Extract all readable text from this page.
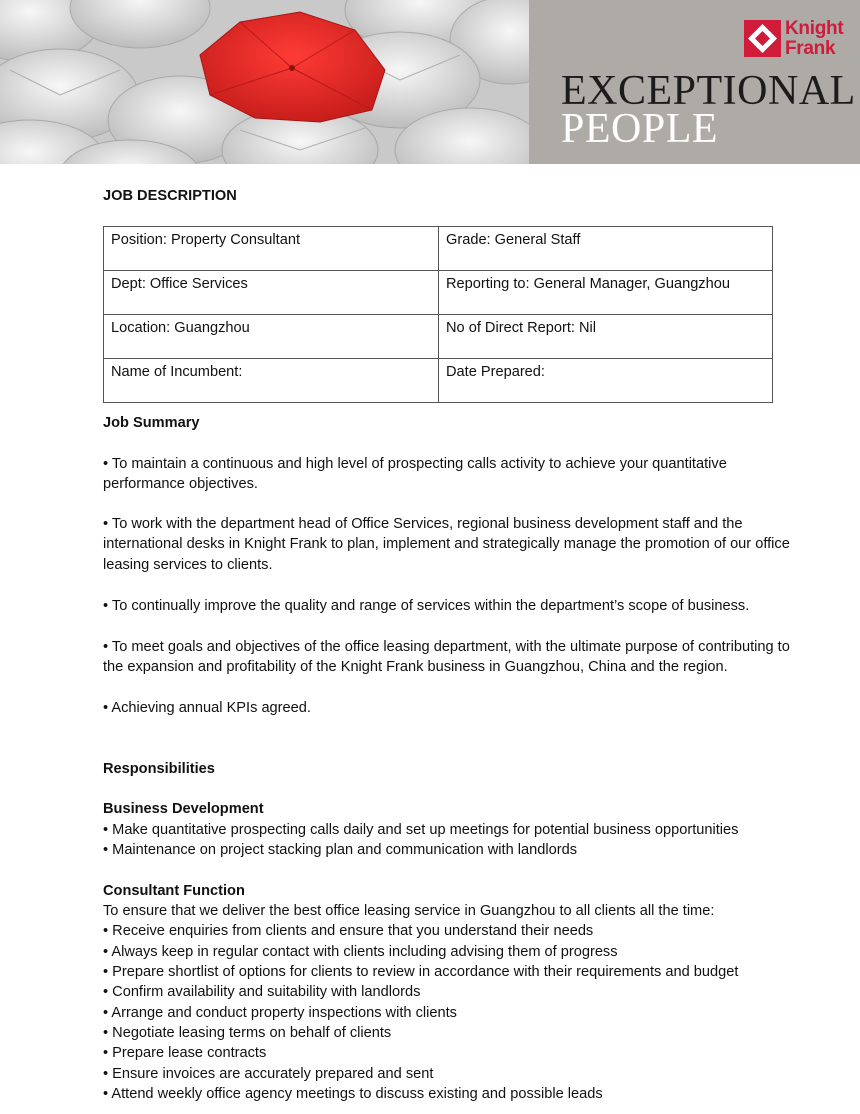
Knight
Frank
EXCEPTIONAL
PEOPLE
JOB DESCRIPTION
Position: Property Consultant	Grade: General Staff
Dept: Office Services	Reporting to: General Manager, Guangzhou
Location: Guangzhou	No of Direct Report: Nil
Name of Incumbent:	Date Prepared:
Job Summary
• To maintain a continuous and high level of prospecting calls activity to achieve your quantitative performance objectives.
• To work with the department head of Office Services, regional business development staff and the international desks in Knight Frank to plan, implement and strategically manage the promotion of our office leasing services to clients.
• To continually improve the quality and range of services within the department’s scope of business.
• To meet goals and objectives of the office leasing department, with the ultimate purpose of contributing to the expansion and profitability of the Knight Frank business in Guangzhou, China and the region.
• Achieving annual KPIs agreed.
Responsibilities
Business Development
• Make quantitative prospecting calls daily and set up meetings for potential business opportunities
• Maintenance on project stacking plan and communication with landlords
Consultant Function
To ensure that we deliver the best office leasing service in Guangzhou to all clients all the time:
• Receive enquiries from clients and ensure that you understand their needs
• Always keep in regular contact with clients including advising them of progress
• Prepare shortlist of options for clients to review in accordance with their requirements and budget
• Confirm availability and suitability with landlords
• Arrange and conduct property inspections with clients
• Negotiate leasing terms on behalf of clients
• Prepare lease contracts
• Ensure invoices are accurately prepared and sent
• Attend weekly office agency meetings to discuss existing and possible leads
